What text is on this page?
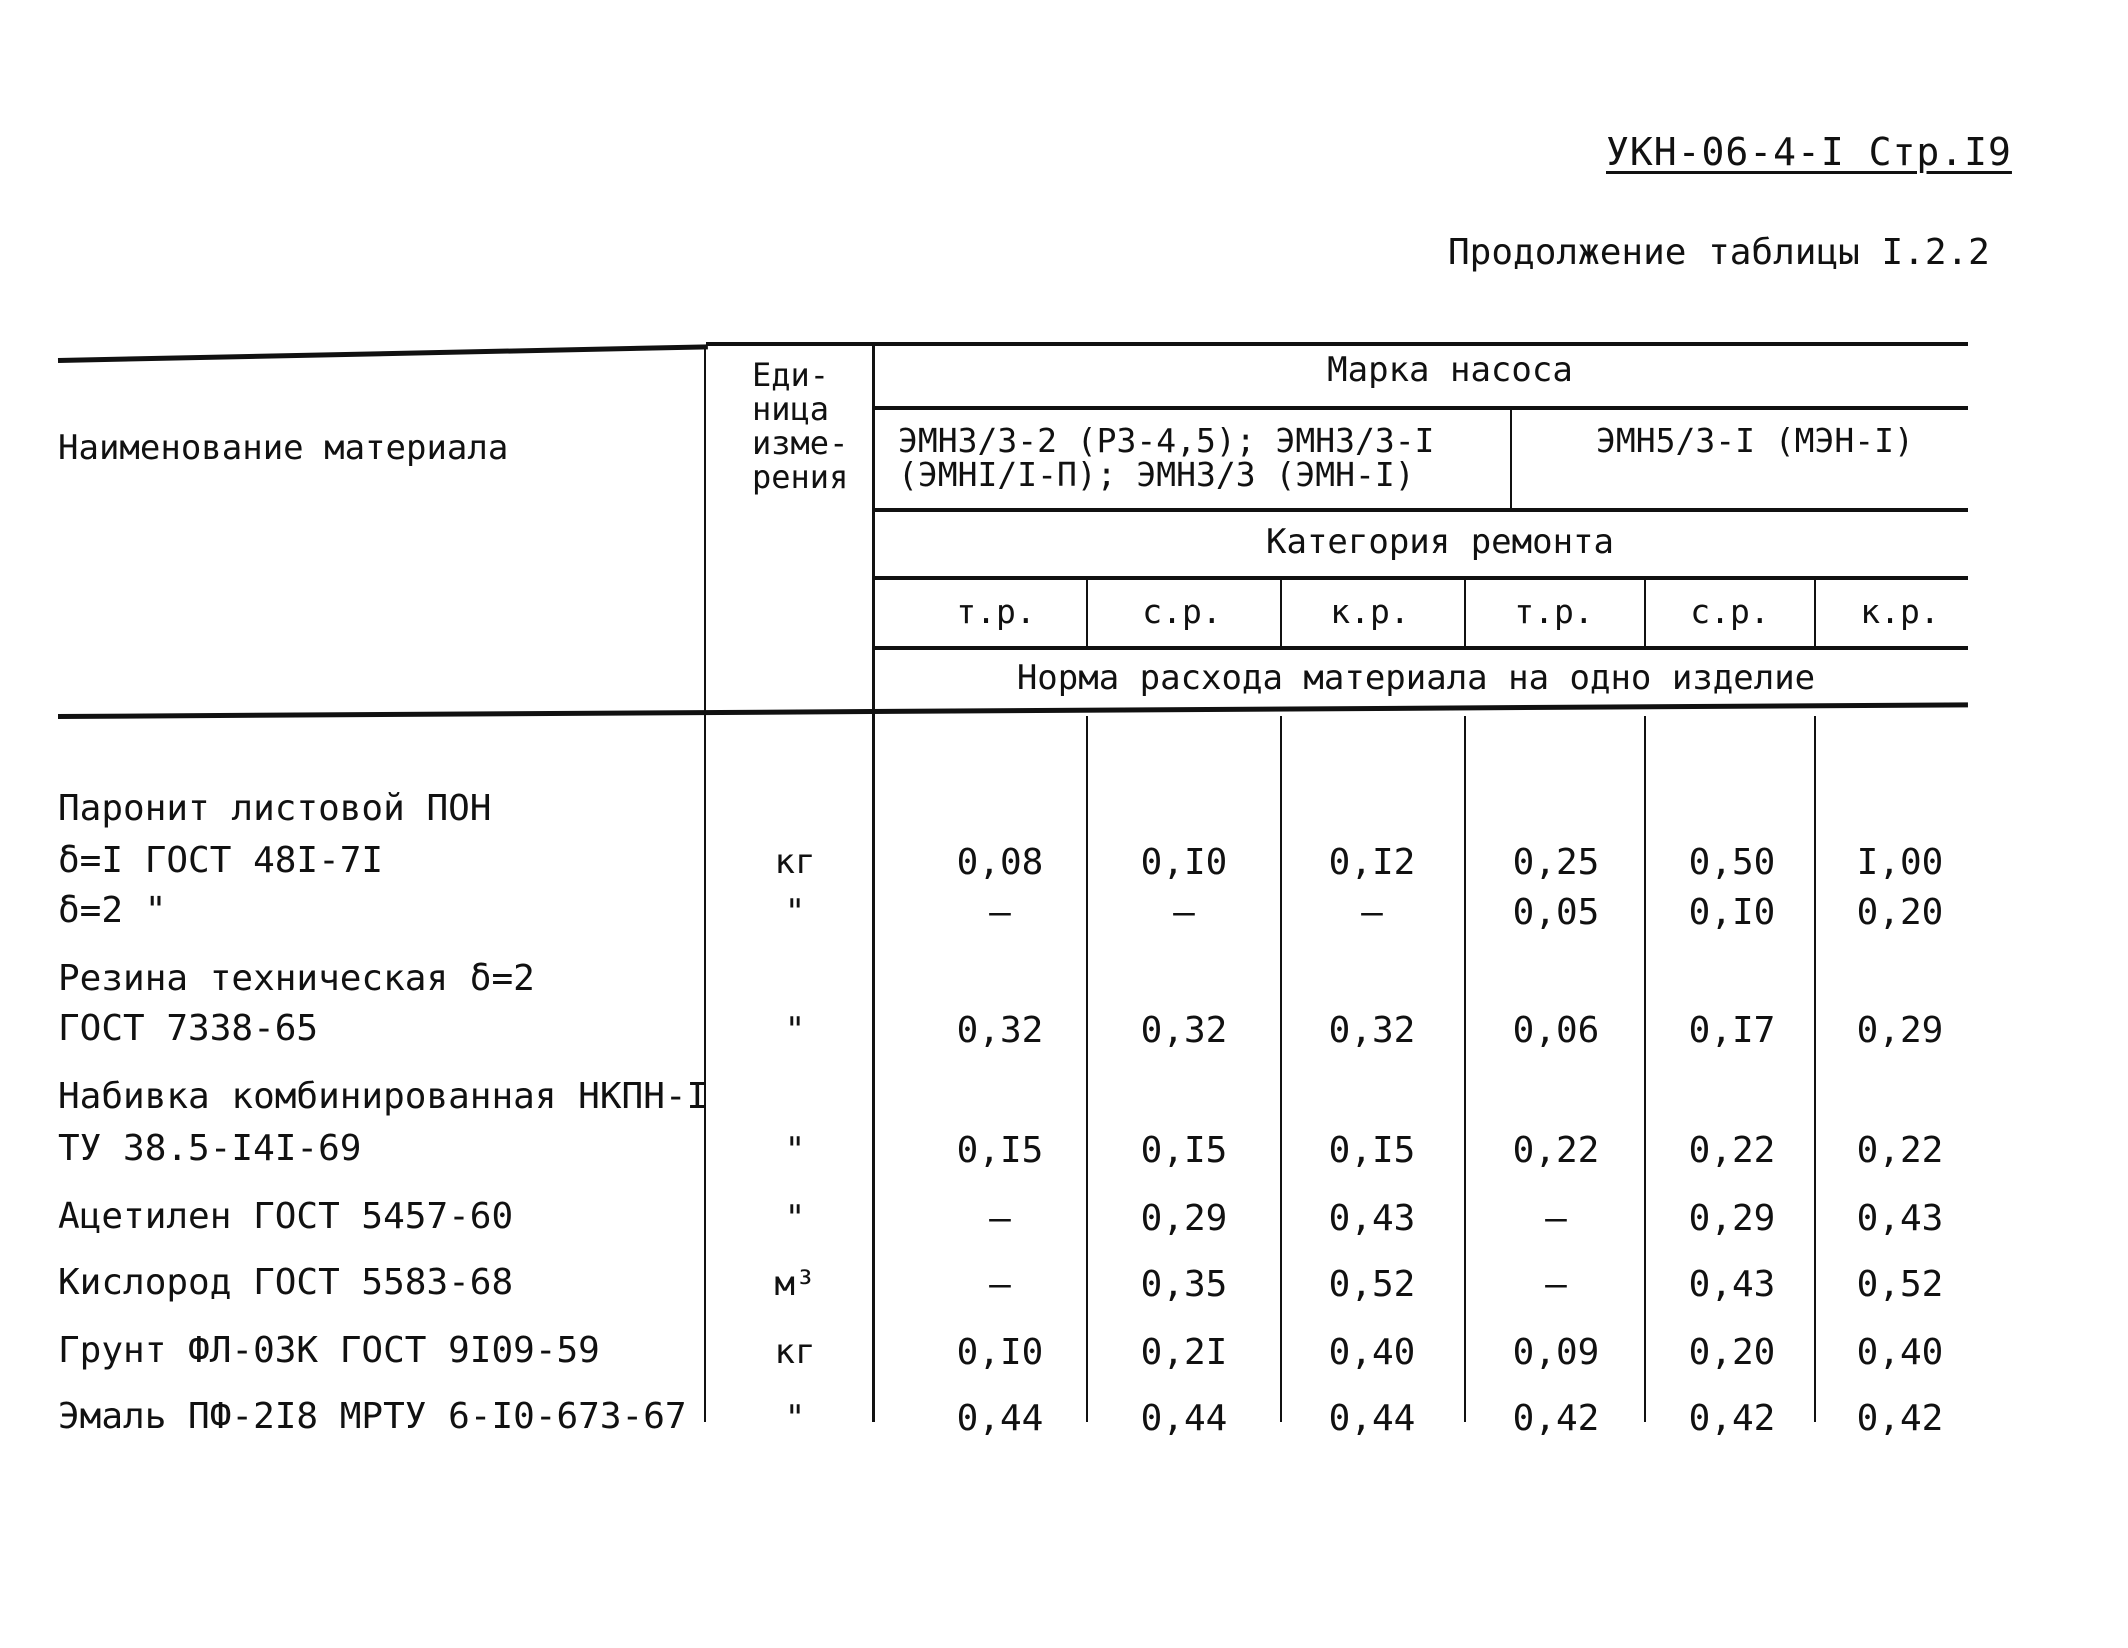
УКН-06-4-I Стр.I9
Продолжение таблицы I.2.2
Наименование материала
Еди- ница изме- рения
Марка насоса
ЭМН3/3-2 (Р3-4,5); ЭМН3/3-I
(ЭМНI/I-П); ЭМН3/3 (ЭМН-I)
ЭМН5/3-I (МЭН-I)
Категория ремонта
т.р.	с.р.	к.р.	т.р.	с.р.	к.р.
Норма расхода материала на одно изделие
Паронит листовой ПОН
δ=I ГОСТ 48I-7I	кг	0,08	0,I0	0,I2	0,25	0,50	I,00
δ=2 "	"	–	–	–	0,05	0,I0	0,20
Резина техническая δ=2
ГОСТ 7338-65	"	0,32	0,32	0,32	0,06	0,I7	0,29
Набивка комбинированная НКПН-I
ТУ 38.5-I4I-69	"	0,I5	0,I5	0,I5	0,22	0,22	0,22
Ацетилен ГОСТ 5457-60	"	–	0,29	0,43	–	0,29	0,43
Кислород ГОСТ 5583-68	м³	–	0,35	0,52	–	0,43	0,52
Грунт ФЛ-03К ГОСТ 9I09-59	кг	0,I0	0,2I	0,40	0,09	0,20	0,40
Эмаль ПФ-2I8 МРТУ 6-I0-673-67	"	0,44	0,44	0,44	0,42	0,42	0,42
